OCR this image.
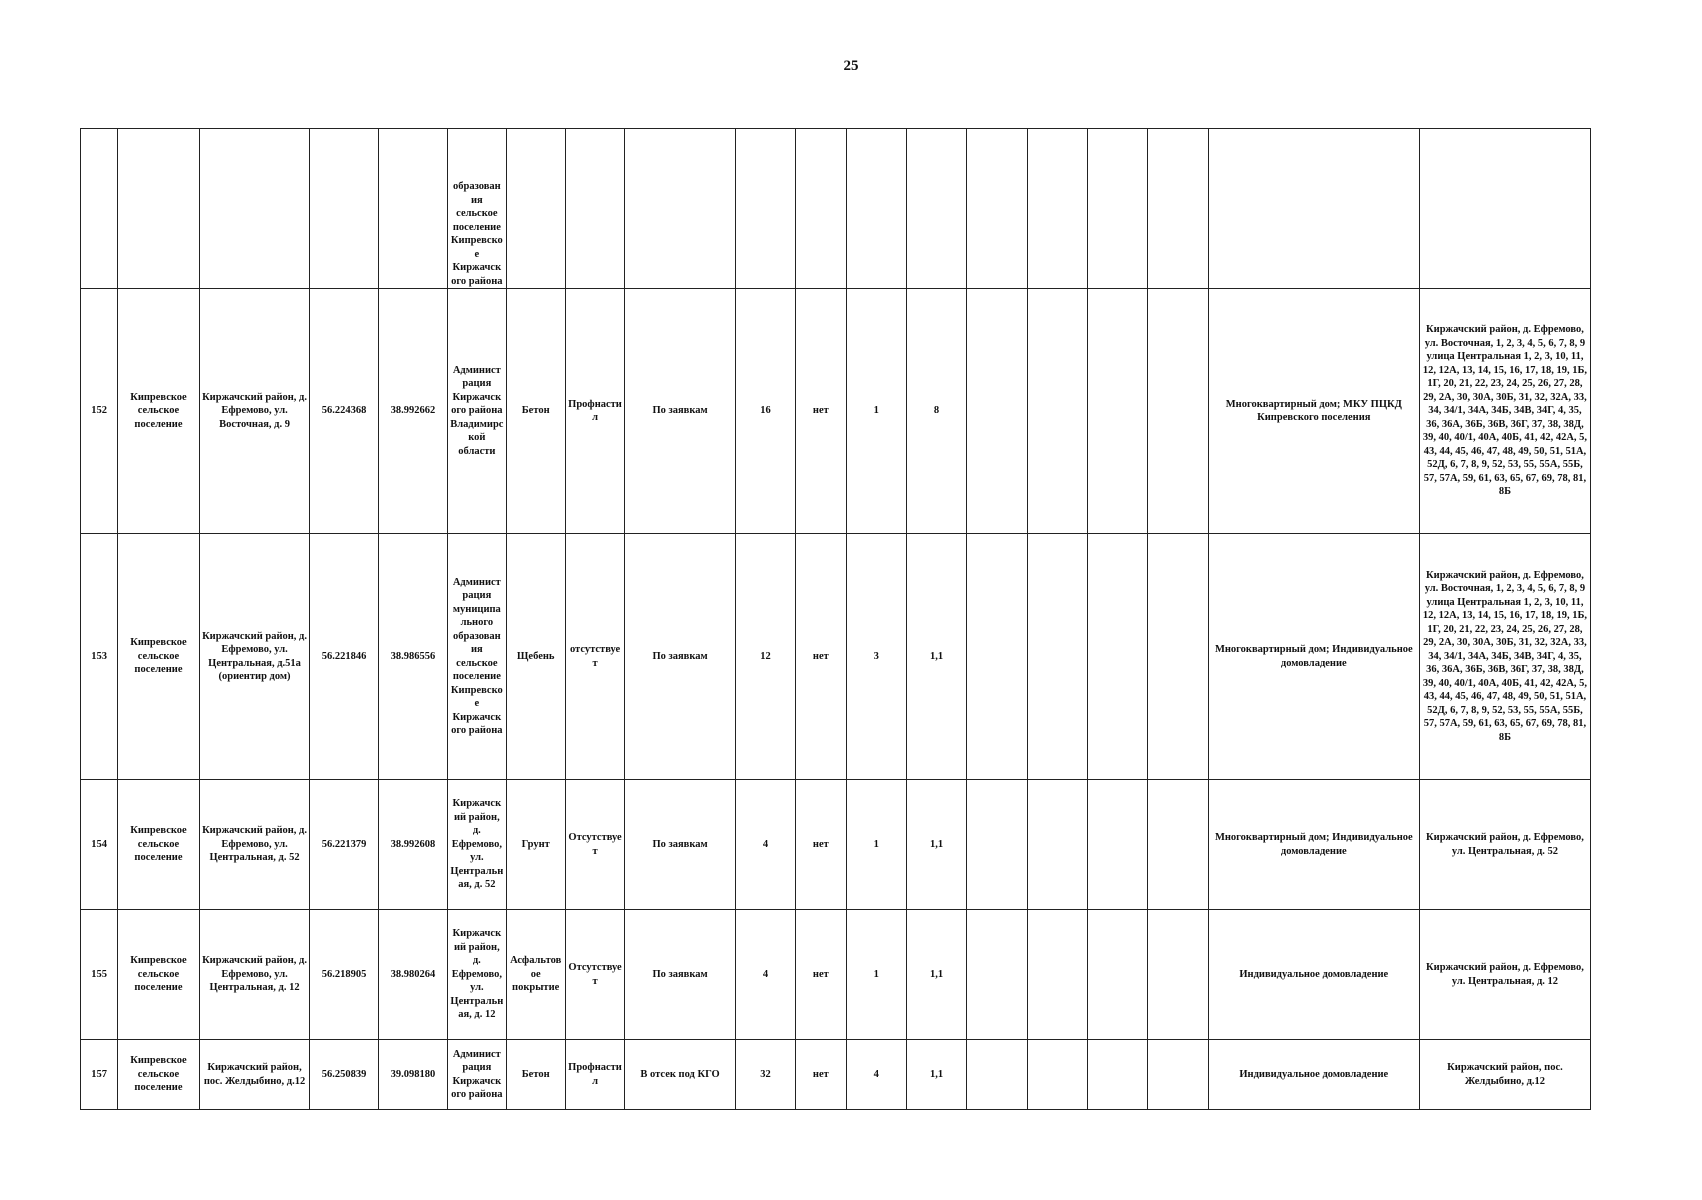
25
					образования сельское поселение Кипревское Киржачского района													
152	Кипревское сельское поселение	Киржачский район, д. Ефремово, ул. Восточная, д. 9	56.224368	38.992662	Администрация Киржачского района Владимирской области	Бетон	Профнастил	По заявкам	16	нет	1	8					Многоквартирный дом; МКУ ПЦКД Кипревского поселения	Киржачский район, д. Ефремово, ул. Восточная, 1, 2, 3, 4, 5, 6, 7, 8, 9 улица Центральная 1, 2, 3, 10, 11, 12, 12А, 13, 14, 15, 16, 17, 18, 19, 1Б, 1Г, 20, 21, 22, 23, 24, 25, 26, 27, 28, 29, 2А, 30, 30А, 30Б, 31, 32, 32А, 33, 34, 34/1, 34А, 34Б, 34В, 34Г, 4, 35, 36, 36А, 36Б, 36В, 36Г, 37, 38, 38Д, 39, 40, 40/1, 40А, 40Б, 41, 42, 42А, 5, 43, 44, 45, 46, 47, 48, 49, 50, 51, 51А, 52Д, 6, 7, 8, 9, 52, 53, 55, 55А, 55Б, 57, 57А, 59, 61, 63, 65, 67, 69, 78, 81, 8Б
153	Кипревское сельское поселение	Киржачский район, д. Ефремово, ул. Центральная, д.51а (ориентир дом)	56.221846	38.986556	Администрация муниципального образования сельское поселение Кипревское Киржачского района	Щебень	отсутствует	По заявкам	12	нет	3	1,1					Многоквартирный дом; Индивидуальное домовладение	Киржачский район, д. Ефремово, ул. Восточная, 1, 2, 3, 4, 5, 6, 7, 8, 9 улица Центральная 1, 2, 3, 10, 11, 12, 12А, 13, 14, 15, 16, 17, 18, 19, 1Б, 1Г, 20, 21, 22, 23, 24, 25, 26, 27, 28, 29, 2А, 30, 30А, 30Б, 31, 32, 32А, 33, 34, 34/1, 34А, 34Б, 34В, 34Г, 4, 35, 36, 36А, 36Б, 36В, 36Г, 37, 38, 38Д, 39, 40, 40/1, 40А, 40Б, 41, 42, 42А, 5, 43, 44, 45, 46, 47, 48, 49, 50, 51, 51А, 52Д, 6, 7, 8, 9, 52, 53, 55, 55А, 55Б, 57, 57А, 59, 61, 63, 65, 67, 69, 78, 81, 8Б
154	Кипревское сельское поселение	Киржачский район, д. Ефремово, ул. Центральная, д. 52	56.221379	38.992608	Киржачский район, д. Ефремово, ул. Центральная, д. 52	Грунт	Отсутствует	По заявкам	4	нет	1	1,1					Многоквартирный дом; Индивидуальное домовладение	Киржачский район, д. Ефремово, ул. Центральная, д. 52
155	Кипревское сельское поселение	Киржачский район, д. Ефремово, ул. Центральная, д. 12	56.218905	38.980264	Киржачский район, д. Ефремово, ул. Центральная, д. 12	Асфальтовое покрытие	Отсутствует	По заявкам	4	нет	1	1,1					Индивидуальное домовладение	Киржачский район, д. Ефремово, ул. Центральная, д. 12
157	Кипревское сельское поселение	Киржачский район, пос. Желдыбино, д.12	56.250839	39.098180	Администрация Киржачского района	Бетон	Профнастил	В отсек под КГО	32	нет	4	1,1					Индивидуальное домовладение	Киржачский район, пос. Желдыбино, д.12
